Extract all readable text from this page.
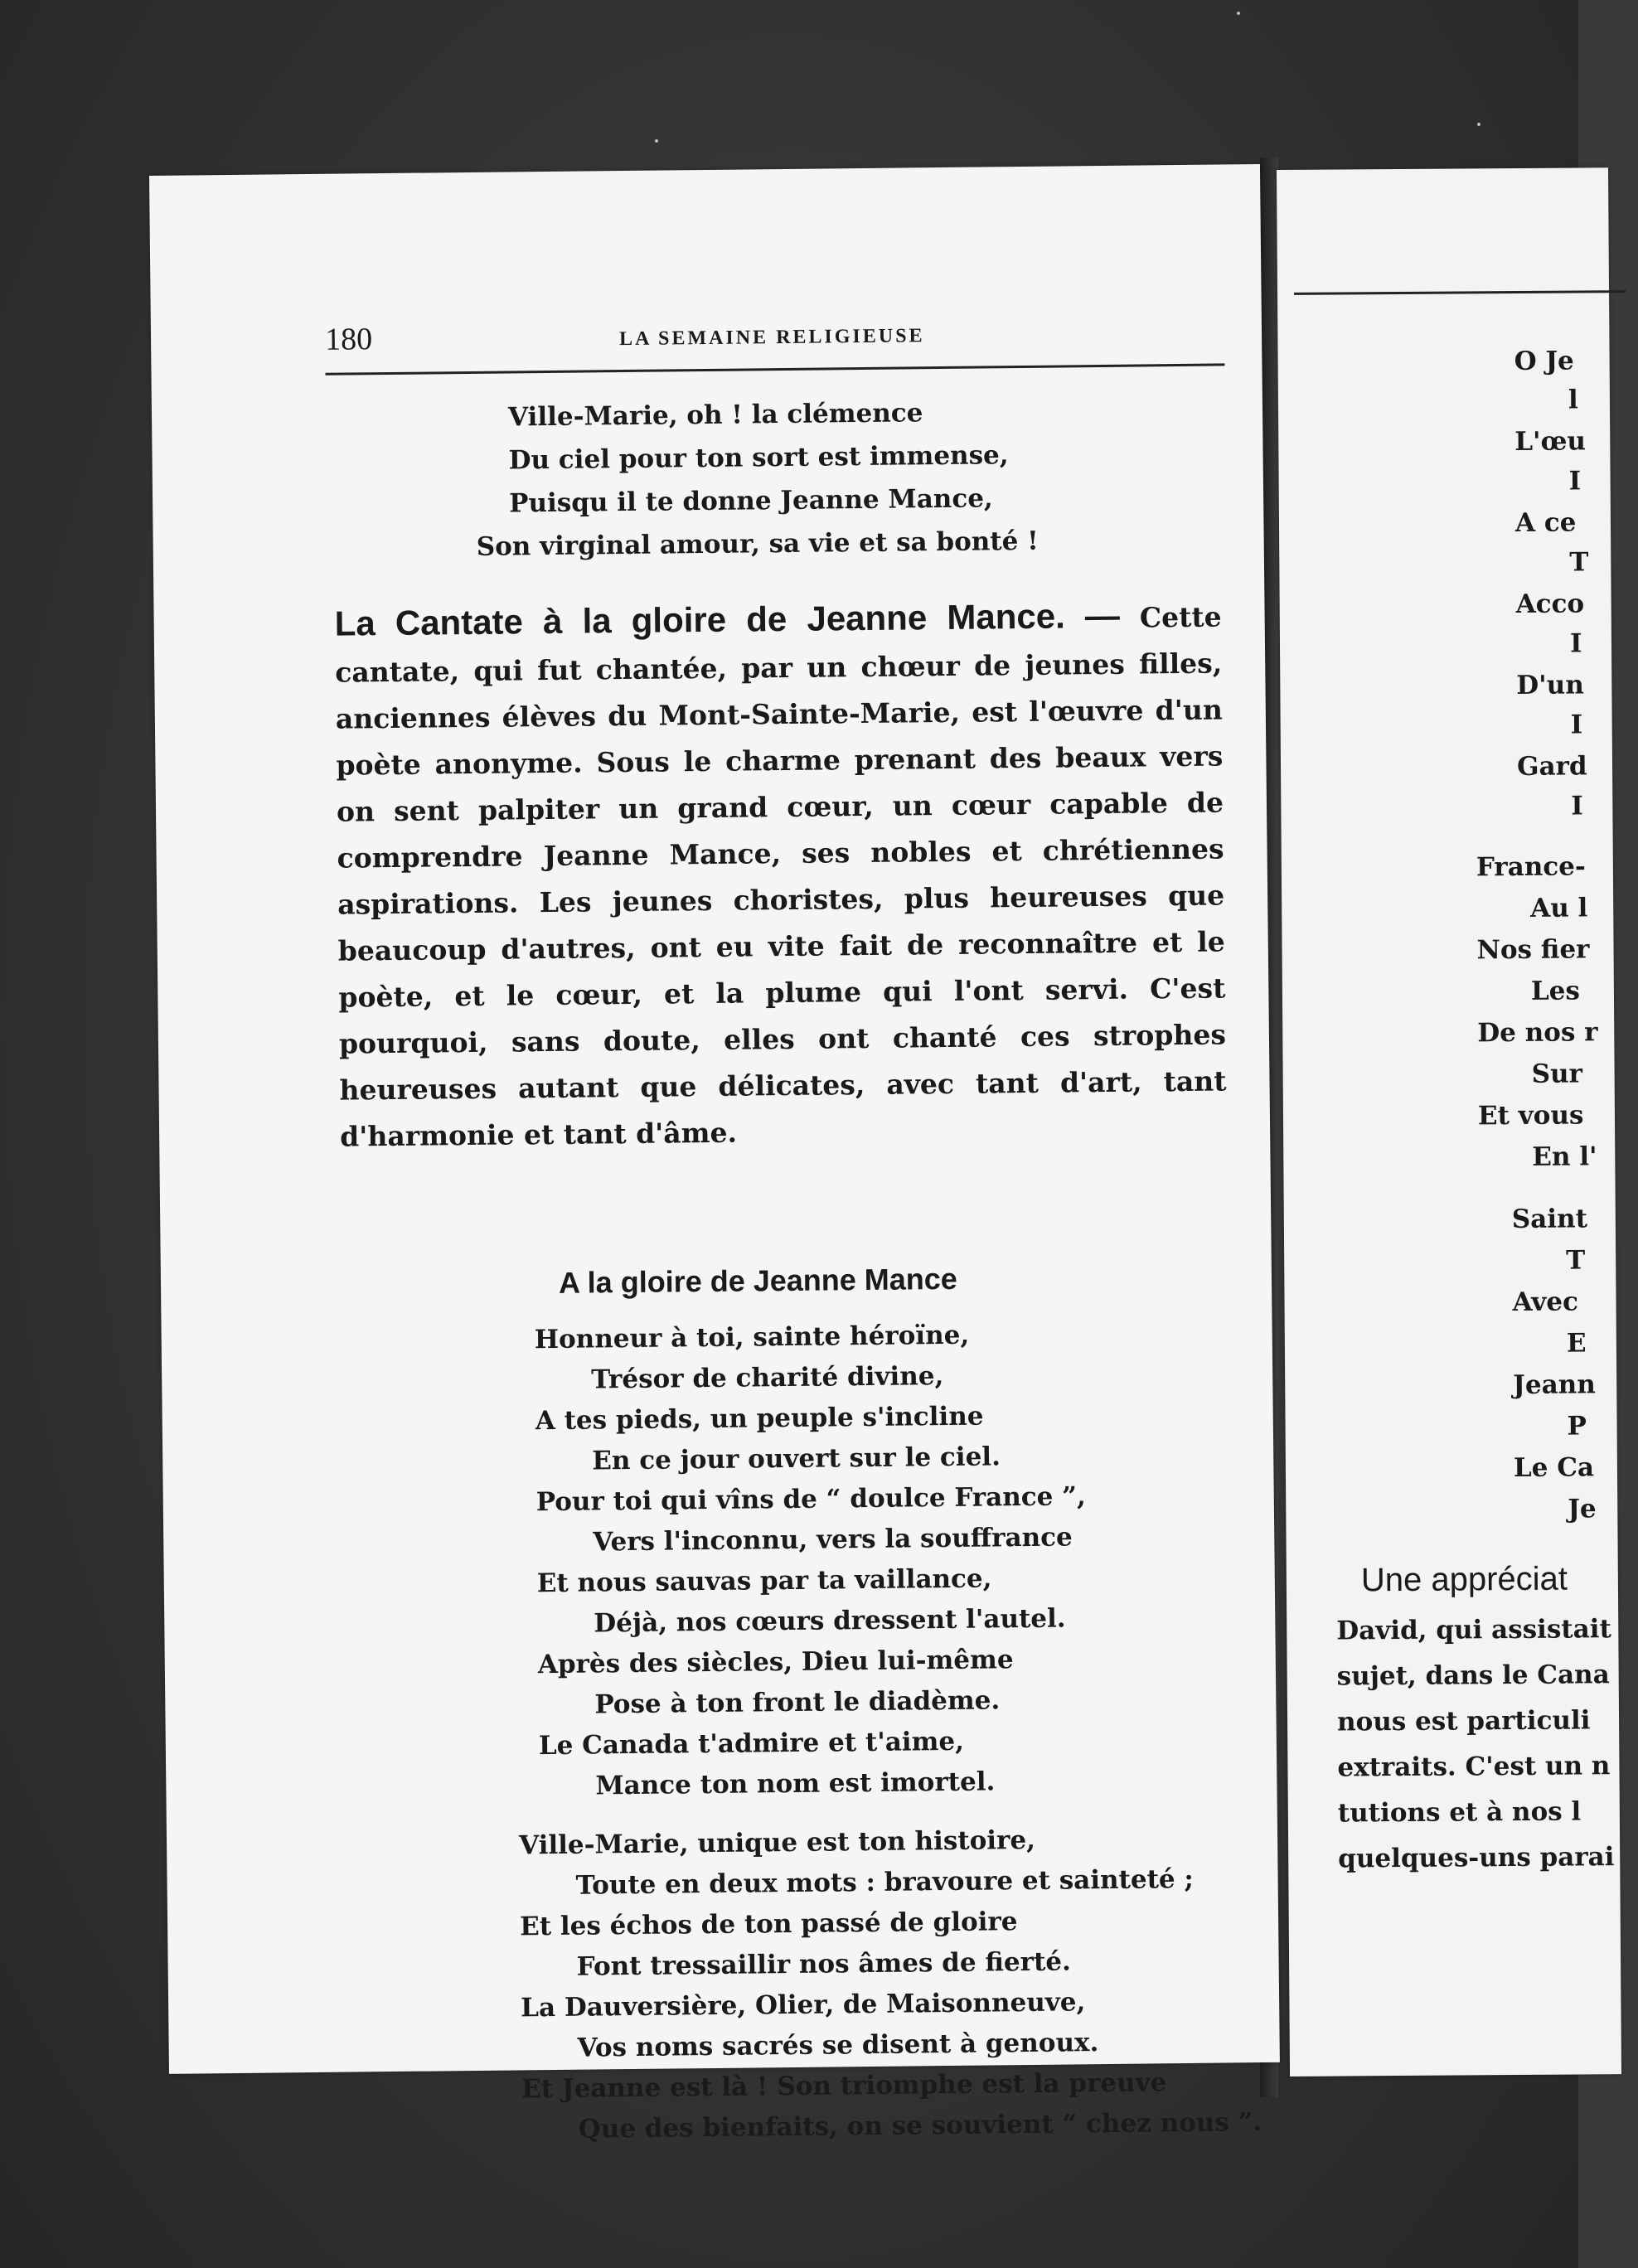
180	LA SEMAINE RELIGIEUSE
Ville-Marie, oh ! la clémence
Du ciel pour ton sort est immense,
Puisqu il te donne Jeanne Mance,
Son virginal amour, sa vie et sa bonté !
La Cantate à la gloire de Jeanne Mance. — Cette cantate, qui fut chantée, par un chœur de jeunes filles, anciennes élèves du Mont-Sainte-Marie, est l'œuvre d'un poète anonyme. Sous le charme prenant des beaux vers on sent palpiter un grand cœur, un cœur capable de comprendre Jeanne Mance, ses nobles et chrétiennes aspirations. Les jeunes choristes, plus heureuses que beaucoup d'autres, ont eu vite fait de reconnaître et le poète, et le cœur, et la plume qui l'ont servi. C'est pourquoi, sans doute, elles ont chanté ces strophes heureuses autant que délicates, avec tant d'art, tant d'harmonie et tant d'âme.
A la gloire de Jeanne Mance
Honneur à toi, sainte héroïne,
Trésor de charité divine,
A tes pieds, un peuple s'incline
En ce jour ouvert sur le ciel.
Pour toi qui vîns de “ doulce France ”,
Vers l'inconnu, vers la souffrance
Et nous sauvas par ta vaillance,
Déjà, nos cœurs dressent l'autel.
Après des siècles, Dieu lui-même
Pose à ton front le diadème.
Le Canada t'admire et t'aime,
Mance ton nom est imortel.
Ville-Marie, unique est ton histoire,
Toute en deux mots : bravoure et sainteté ;
Et les échos de ton passé de gloire
Font tressaillir nos âmes de fierté.
La Dauversière, Olier, de Maisonneuve,
Vos noms sacrés se disent à genoux.
Et Jeanne est là ! Son triomphe est la preuve
Que des bienfaits, on se souvient “ chez nous ”.
O Je
l
L'œu
I
A ce
T
Acco
I
D'un
I
Gard
I
France-
Au l
Nos fier
Les
De nos r
Sur
Et vous
En l'
Saint
T
Avec
E
Jeann
P
Le Ca
Je
Une appréciat
David, qui assistait
sujet, dans le Cana
nous est particuli
extraits. C'est un n
tutions et à nos l
quelques-uns parai
